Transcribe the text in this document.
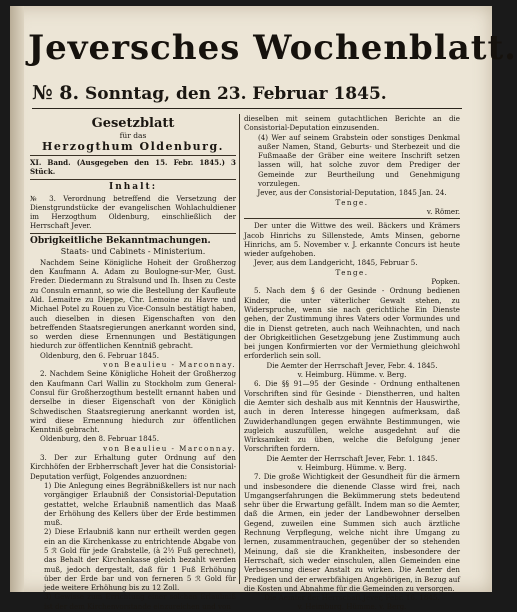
Jeversches Wochenblatt.
№ 8. Sonntag, den 23. Februar 1845.

Gesetzblatt

für das

Herzogthum Oldenburg.

XI. Band. (Ausgegeben den 15. Febr. 1845.) 3 Stück.

Inhalt:

№ 3. Verordnung betreffend die Versetzung der Dienstgrundstücke der evangelischen Wohlachuldiener im Herzogthum Oldenburg, einschließlich der Herrschaft Jever.

Obrigkeitliche Bekanntmachungen.

Staats- und Cabinets - Ministerium.

Nachdem Seine Königliche Hoheit der Großherzog den Kaufmann A. Adam zu Boulogne-sur-Mer, Gust. Freder. Diedermann zu Stralsund und Ih. Ihsen zu Ceste zu Consuln ernannt, so wie die Bestellung der Kaufleute Ald. Lemaitre zu Dieppe, Chr. Lemoine zu Havre und Michael Potel zu Rouen zu Vice-Consuln bestätigt haben, auch dieselben in diesen Eigenschaften von den betreffenden Staatsregierungen anerkannt worden sind, so werden diese Ernennungen und Bestätigungen hiedurch zur öffentlichen Kenntniß gebracht.

Oldenburg, den 6. Februar 1845.

von Beaulieu - Marconnay.

2. Nachdem Seine Königliche Hoheit der Großherzog den Kaufmann Carl Wallin zu Stockholm zum General-Consul für Großherzogthum bestellt ernannt haben und derselbe in dieser Eigenschaft von der Königlich Schwedischen Staatsregierung anerkannt worden ist, wird diese Ernennung hiedurch zur öffentlichen Kenntniß gebracht.

Oldenburg, den 8. Februar 1845.

von Beaulieu - Marconnay.

3. Der zur Erhaltung guter Ordnung auf den Kirchhöfen der Erbherrschaft Jever hat die Consistorial-Deputation verfügt, Folgendes anzuordnen:

1) Die Anlegung eines Begräbnißkellers ist nur nach vorgängiger Erlaubniß der Consistorial-Deputation gestattet, welche Erlaubniß namentlich das Maaß der Erhöhung des Kellers über der Erde bestimmen muß.

2) Diese Erlaubniß kann nur ertheilt werden gegen ein an die Kirchenkasse zu entrichtende Abgabe von 5 ℛ Gold für jede Grabstelle, (à 2½ Fuß gerechnet), das Behalt der Kirchenkasse gleich bezahlt werden muß, jedoch dergestalt, daß für 1 Fuß Erhöhung über der Erde bar und von ferneren 5 ℛ Gold für jede weitere Erhöhung bis zu 12 Zoll.

3) Gewisse zum Errichtung einer solchen Erlaubniß ist der dem Kirchenvorstande einzureichen und von

dieselben mit seinem gutachtlichen Berichte an die Consistorial-Deputation einzusenden.

(4) Wer auf seinem Grabstein oder sonstiges Denkmal außer Namen, Stand, Geburts- und Sterbezeit und die Fußmaaße der Gräber eine weitere Inschrift setzen lassen will, hat solche zuvor dem Prediger der Gemeinde zur Beurtheilung und Genehmigung vorzulegen.

Jever, aus der Consistorial-Deputation, 1845 Jan. 24.

Tenge.

v. Römer.

Der unter die Wittwe des weil. Bäckers und Krämers Jacob Hinrichs zu Sillenstede, Amts Minsen, geborne Hinrichs, am 5. November v. J. erkannte Concurs ist heute wieder aufgehoben.

Jever, aus dem Landgericht, 1845, Februar 5.

Tenge.

Popken.

5. Nach dem § 6 der Gesinde - Ordnung bedienen Kinder, die unter väterlicher Gewalt stehen, zu Widerspruche, wenn sie nach gerichtliche Ein Dienste gehen, der Zustimmung ihres Vaters oder Vormundes und die in Dienst getreten, auch nach Weihnachten, und nach der Obrigkeitlichen Gesetzgebung jene Zustimmung auch bei jungen Konfirmierten vor der Vermiethung gleichwohl erforderlich sein soll.

Die Aemter der Herrschaft Jever, Febr. 4. 1845.

v. Heimburg. Hümme. v. Berg.

6. Die §§ 91—95 der Gesinde - Ordnung enthaltenen Vorschriften sind für Gesinde - Dienstherren, und halten die Aemter sich deshalb aus mit Kenntnis der Hauswirthe, auch in deren Interesse hingegen aufmerksam, daß Zuwiderhandlungen gegen erwähnte Bestimmungen, wie zugleich auszufüllen, welche ausgedehnt auf die Wirksamkeit zu üben, welche die Befolgung jener Vorschriften fordern.

Die Aemter der Herrschaft Jever, Febr. 1. 1845.

v. Heimburg. Hümme. v. Berg.

7. Die große Wichtigkeit der Gesundheit für die ärmern und insbesondere die dienende Classe wird frei, nach Umgangserfahrungen die Bekümmerung stets bedeutend sehr über die Erwartung gefällt. Indem man so die Aemter, daß die Armen, ein jeder der Landbewohner derselben Gegend, zuweilen eine Summen sich auch ärztliche Rechnung Verpflegung, welche nicht ihre Umgang zu lernen, zusammentrauchen, gegenüber der so stehenden Meinung, daß sie die Krankheiten, insbesondere der Herrschaft, sich weder einschulen, allen Gemeinden eine Verbesserung dieser Anstalt zu wirken. Die Aemter den Predigen und der erwerbfähigen Angehörigen, in Bezug auf die Kosten und Abnahme für die Gemeinden zu versorgen.

Die Aemter der Herrschaft Jever, Febr. 16. 1845.

v. Heimburg. Hümme. v. Berg.
